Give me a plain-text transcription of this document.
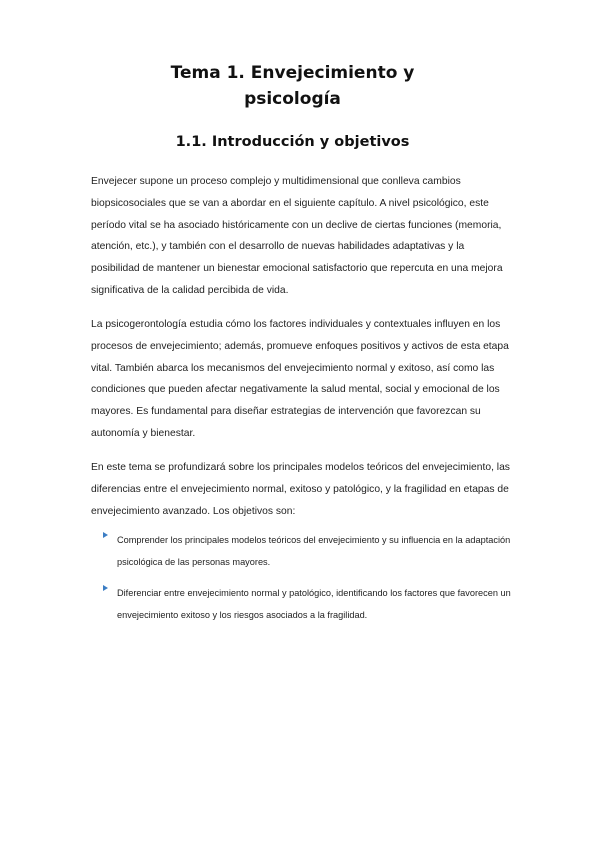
Tema 1. Envejecimiento y psicología
1.1. Introducción y objetivos

Envejecer supone un proceso complejo y multidimensional que conlleva cambios biopsicosociales que se van a abordar en el siguiente capítulo. A nivel psicológico, este período vital se ha asociado históricamente con un declive de ciertas funciones (memoria, atención, etc.), y también con el desarrollo de nuevas habilidades adaptativas y la posibilidad de mantener un bienestar emocional satisfactorio que repercuta en una mejora significativa de la calidad percibida de vida.

La psicogerontología estudia cómo los factores individuales y contextuales influyen en los procesos de envejecimiento; además, promueve enfoques positivos y activos de esta etapa vital. También abarca los mecanismos del envejecimiento normal y exitoso, así como las condiciones que pueden afectar negativamente la salud mental, social y emocional de los mayores. Es fundamental para diseñar estrategias de intervención que favorezcan su autonomía y bienestar.

En este tema se profundizará sobre los principales modelos teóricos del envejecimiento, las diferencias entre el envejecimiento normal, exitoso y patológico, y la fragilidad en etapas de envejecimiento avanzado. Los objetivos son:

Comprender los principales modelos teóricos del envejecimiento y su influencia en la adaptación psicológica de las personas mayores.
Diferenciar entre envejecimiento normal y patológico, identificando los factores que favorecen un envejecimiento exitoso y los riesgos asociados a la fragilidad.
